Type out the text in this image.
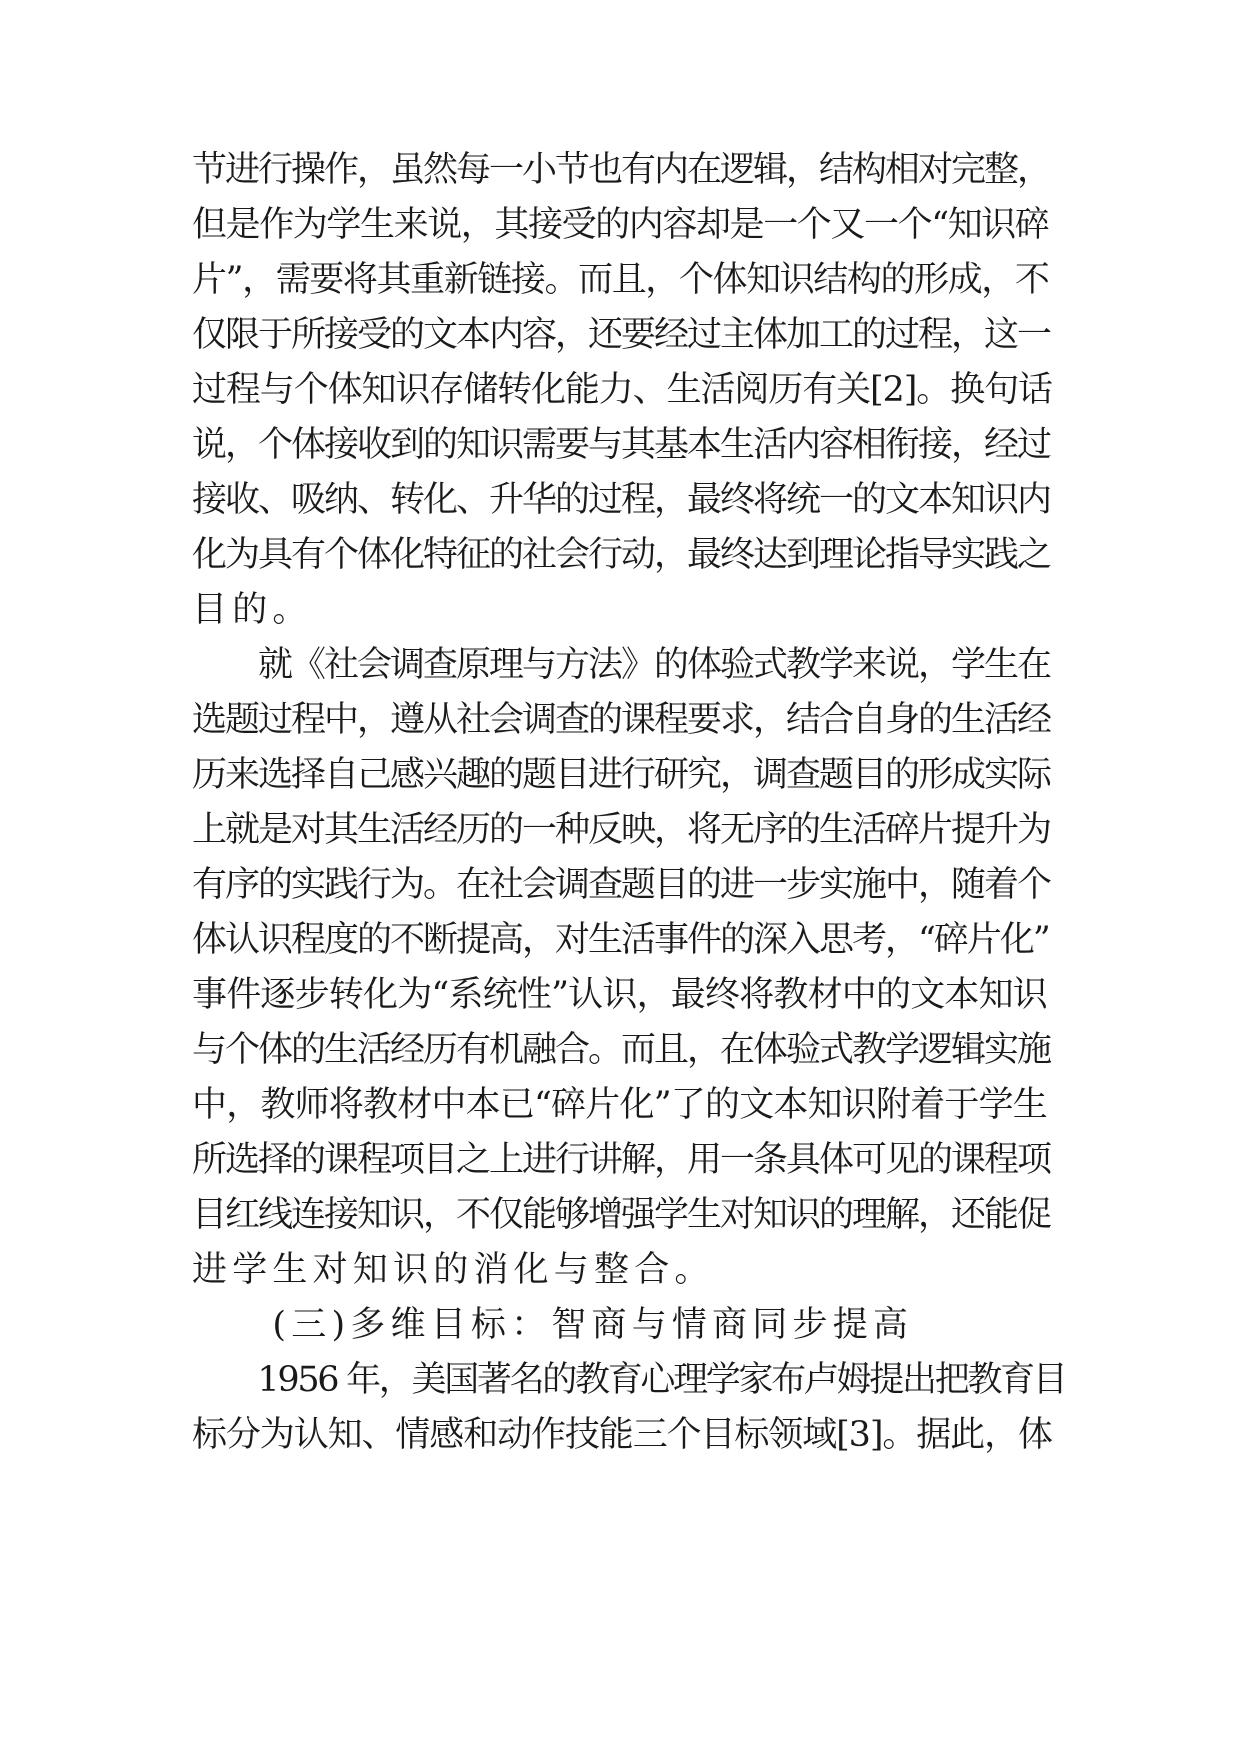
节进行操作，虽然每一小节也有内在逻辑，结构相对完整，
但是作为学生来说，其接受的内容却是一个又一个“知识碎
片”，需要将其重新链接。而且，个体知识结构的形成，不
仅限于所接受的文本内容，还要经过主体加工的过程，这一
过程与个体知识存储转化能力、生活阅历有关[2]。换句话
说，个体接收到的知识需要与其基本生活内容相衔接，经过
接收、吸纳、转化、升华的过程，最终将统一的文本知识内
化为具有个体化特征的社会行动，最终达到理论指导实践之
目的。
　　就《社会调查原理与方法》的体验式教学来说，学生在
选题过程中，遵从社会调查的课程要求，结合自身的生活经
历来选择自己感兴趣的题目进行研究，调查题目的形成实际
上就是对其生活经历的一种反映，将无序的生活碎片提升为
有序的实践行为。在社会调查题目的进一步实施中，随着个
体认识程度的不断提高，对生活事件的深入思考，“碎片化”
事件逐步转化为“系统性”认识，最终将教材中的文本知识
与个体的生活经历有机融合。而且，在体验式教学逻辑实施
中，教师将教材中本已“碎片化”了的文本知识附着于学生
所选择的课程项目之上进行讲解，用一条具体可见的课程项
目红线连接知识，不仅能够增强学生对知识的理解，还能促
进学生对知识的消化与整合。
　　(三)多维目标：智商与情商同步提高
　　1956 年，美国著名的教育心理学家布卢姆提出把教育目
标分为认知、情感和动作技能三个目标领域[3]。据此，体
